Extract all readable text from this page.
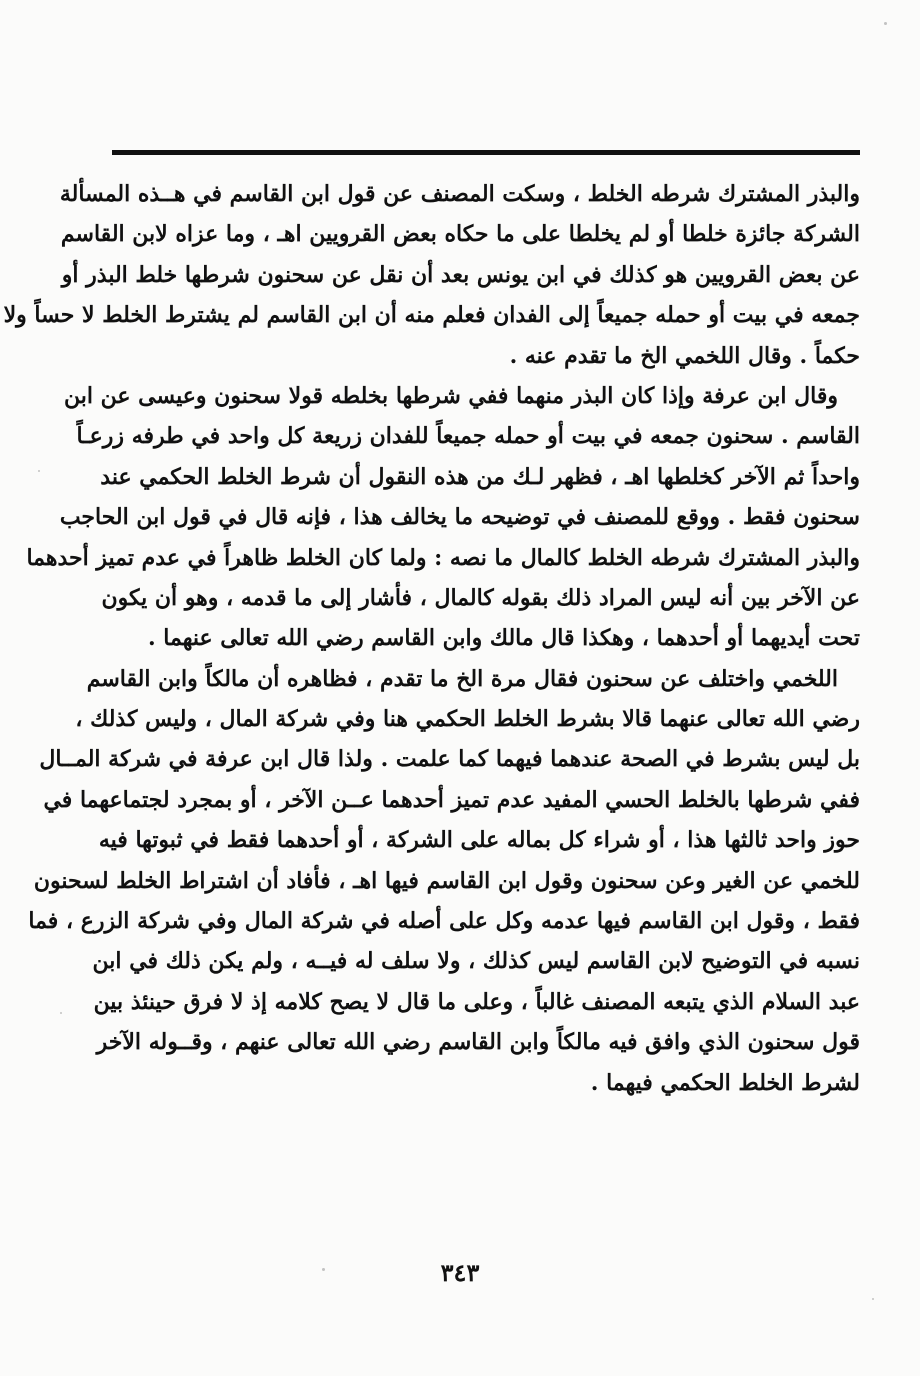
والبذر المشترك شرطه الخلط ، وسكت المصنف عن قول ابن القاسم في هــذه المسألة
الشركة جائزة خلطا أو لم يخلطا على ما حكاه بعض القرويين اهـ ، وما عزاه لابن القاسم
عن بعض القرويين هو كذلك في ابن يونس بعد أن نقل عن سحنون شرطها خلط البذر أو
جمعه في بيت أو حمله جميعاً إلى الفدان فعلم منه أن ابن القاسم لم يشترط الخلط لا حساً ولا
حكماً . وقال اللخمي الخ ما تقدم عنه .
وقال ابن عرفة وإذا كان البذر منهما ففي شرطها بخلطه قولا سحنون وعيسى عن ابن
القاسم . سحنون جمعه في بيت أو حمله جميعاً للفدان زريعة كل واحد في طرفه زرعـاً
واحداً ثم الآخر كخلطها اهـ ، فظهر لـك من هذه النقول أن شرط الخلط الحكمي عند
سحنون فقط . ووقع للمصنف في توضيحه ما يخالف هذا ، فإنه قال في قول ابن الحاجب
والبذر المشترك شرطه الخلط كالمال ما نصه : ولما كان الخلط ظاهراً في عدم تميز أحدهما
عن الآخر بين أنه ليس المراد ذلك بقوله كالمال ، فأشار إلى ما قدمه ، وهو أن يكون
تحت أيديهما أو أحدهما ، وهكذا قال مالك وابن القاسم رضي الله تعالى عنهما .
اللخمي واختلف عن سحنون فقال مرة الخ ما تقدم ، فظاهره أن مالكاً وابن القاسم
رضي الله تعالى عنهما قالا بشرط الخلط الحكمي هنا وفي شركة المال ، وليس كذلك ،
بل ليس بشرط في الصحة عندهما فيهما كما علمت . ولذا قال ابن عرفة في شركة المــال
ففي شرطها بالخلط الحسي المفيد عدم تميز أحدهما عــن الآخر ، أو بمجرد لجتماعهما في
حوز واحد ثالثها هذا ، أو شراء كل بماله على الشركة ، أو أحدهما فقط في ثبوتها فيه
للخمي عن الغير وعن سحنون وقول ابن القاسم فيها اهـ ، فأفاد أن اشتراط الخلط لسحنون
فقط ، وقول ابن القاسم فيها عدمه وكل على أصله في شركة المال وفي شركة الزرع ، فما
نسبه في التوضيح لابن القاسم ليس كذلك ، ولا سلف له فيــه ، ولم يكن ذلك في ابن
عبد السلام الذي يتبعه المصنف غالباً ، وعلى ما قال لا يصح كلامه إذ لا فرق حينئذ بين
قول سحنون الذي وافق فيه مالكاً وابن القاسم رضي الله تعالى عنهم ، وقــوله الآخر
لشرط الخلط الحكمي فيهما .
٣٤٣
